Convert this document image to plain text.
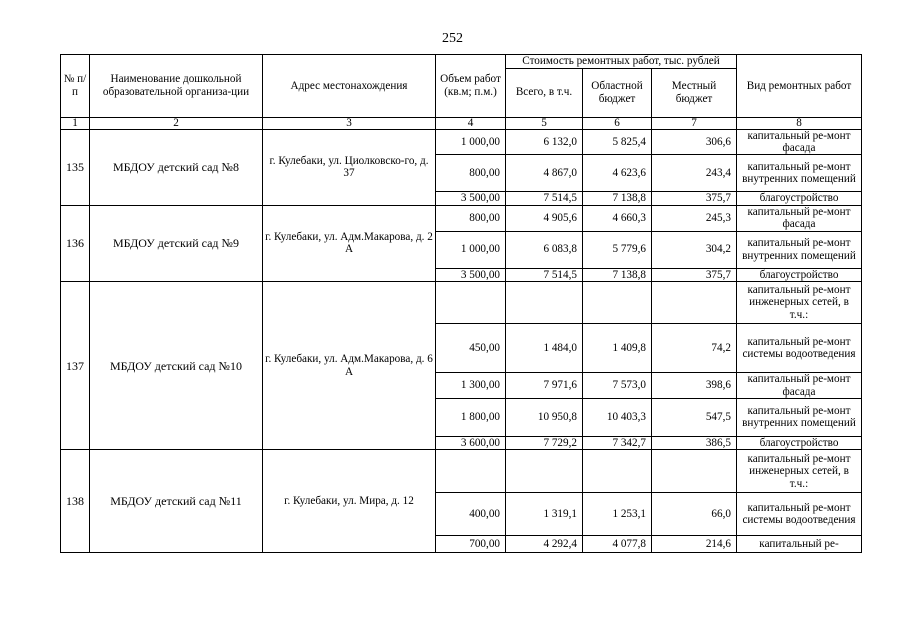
252
№ п/п	Наименование дошкольной образовательной организа-ции	Адрес местонахождения	Объем работ (кв.м; п.м.)	Стоимость ремонтных работ, тыс. рублей			Вид ремонтных работ
				Всего, в т.ч.	Областной бюджет	Местный бюджет	
1	2	3	4	5	6	7	8
135	МБДОУ детский сад №8	г. Кулебаки, ул. Циолковско-го, д. 37	1 000,00	6 132,0	5 825,4	306,6	капитальный ре-монт фасада
			800,00	4 867,0	4 623,6	243,4	капитальный ре-монт внутренних помещений
			3 500,00	7 514,5	7 138,8	375,7	благоустройство
136	МБДОУ детский сад №9	г. Кулебаки, ул. Адм.Макарова, д. 2 А	800,00	4 905,6	4 660,3	245,3	капитальный ре-монт фасада
			1 000,00	6 083,8	5 779,6	304,2	капитальный ре-монт внутренних помещений
			3 500,00	7 514,5	7 138,8	375,7	благоустройство
137	МБДОУ детский сад №10	г. Кулебаки, ул. Адм.Макарова, д. 6 А					капитальный ре-монт инженерных сетей, в т.ч.:
			450,00	1 484,0	1 409,8	74,2	капитальный ре-монт системы водоотведения
			1 300,00	7 971,6	7 573,0	398,6	капитальный ре-монт фасада
			1 800,00	10 950,8	10 403,3	547,5	капитальный ре-монт внутренних помещений
			3 600,00	7 729,2	7 342,7	386,5	благоустройство
138	МБДОУ детский сад №11	г. Кулебаки, ул. Мира, д. 12					капитальный ре-монт инженерных сетей, в т.ч.:
			400,00	1 319,1	1 253,1	66,0	капитальный ре-монт системы водоотведения
			700,00	4 292,4	4 077,8	214,6	капитальный ре-
